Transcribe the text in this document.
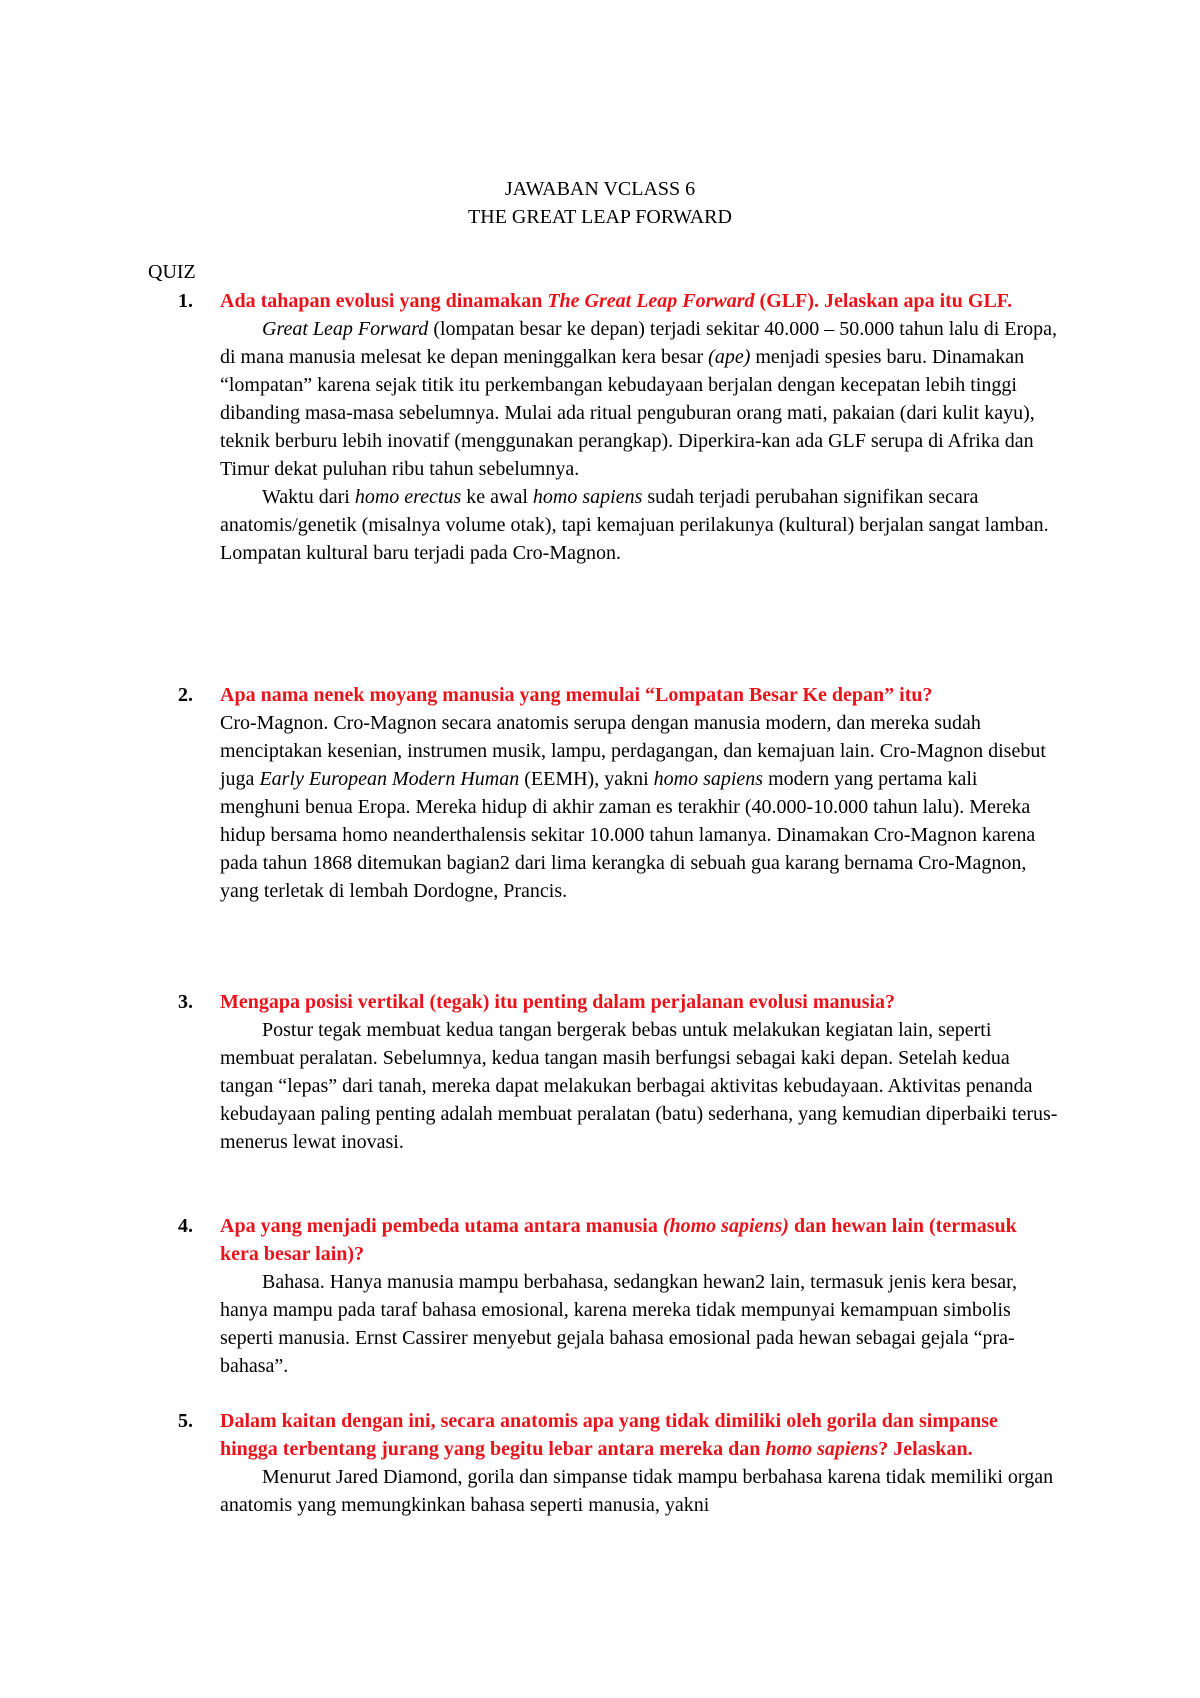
JAWABAN VCLASS 6
THE GREAT LEAP FORWARD
QUIZ
1. Ada tahapan evolusi yang dinamakan The Great Leap Forward (GLF). Jelaskan apa itu GLF.

Great Leap Forward (lompatan besar ke depan) terjadi sekitar 40.000 – 50.000 tahun lalu di Eropa, di mana manusia melesat ke depan meninggalkan kera besar (ape) menjadi spesies baru. Dinamakan “lompatan” karena sejak titik itu perkembangan kebudayaan berjalan dengan kecepatan lebih tinggi dibanding masa-masa sebelumnya. Mulai ada ritual penguburan orang mati, pakaian (dari kulit kayu), teknik berburu lebih inovatif (menggunakan perangkap). Diperkira-kan ada GLF serupa di Afrika dan Timur dekat puluhan ribu tahun sebelumnya.

Waktu dari homo erectus ke awal homo sapiens sudah terjadi perubahan signifikan secara anatomis/genetik (misalnya volume otak), tapi kemajuan perilakunya (kultural) berjalan sangat lamban. Lompatan kultural baru terjadi pada Cro-Magnon.

2. Apa nama nenek moyang manusia yang memulai “Lompatan Besar Ke depan” itu?

Cro-Magnon. Cro-Magnon secara anatomis serupa dengan manusia modern, dan mereka sudah menciptakan kesenian, instrumen musik, lampu, perdagangan, dan kemajuan lain. Cro-Magnon disebut juga Early European Modern Human (EEMH), yakni homo sapiens modern yang pertama kali menghuni benua Eropa. Mereka hidup di akhir zaman es terakhir (40.000-10.000 tahun lalu). Mereka hidup bersama homo neanderthalensis sekitar 10.000 tahun lamanya. Dinamakan Cro-Magnon karena pada tahun 1868 ditemukan bagian2 dari lima kerangka di sebuah gua karang bernama Cro-Magnon, yang terletak di lembah Dordogne, Prancis.

3. Mengapa posisi vertikal (tegak) itu penting dalam perjalanan evolusi manusia?

Postur tegak membuat kedua tangan bergerak bebas untuk melakukan kegiatan lain, seperti membuat peralatan. Sebelumnya, kedua tangan masih berfungsi sebagai kaki depan. Setelah kedua tangan “lepas” dari tanah, mereka dapat melakukan berbagai aktivitas kebudayaan. Aktivitas penanda kebudayaan paling penting adalah membuat peralatan (batu) sederhana, yang kemudian diperbaiki terus-menerus lewat inovasi.

4. Apa yang menjadi pembeda utama antara manusia (homo sapiens) dan hewan lain (termasuk kera besar lain)?

Bahasa. Hanya manusia mampu berbahasa, sedangkan hewan2 lain, termasuk jenis kera besar, hanya mampu pada taraf bahasa emosional, karena mereka tidak mempunyai kemampuan simbolis seperti manusia. Ernst Cassirer menyebut gejala bahasa emosional pada hewan sebagai gejala “pra-bahasa”.

5. Dalam kaitan dengan ini, secara anatomis apa yang tidak dimiliki oleh gorila dan simpanse hingga terbentang jurang yang begitu lebar antara mereka dan homo sapiens? Jelaskan.

Menurut Jared Diamond, gorila dan simpanse tidak mampu berbahasa karena tidak memiliki organ anatomis yang memungkinkan bahasa seperti manusia, yakni
